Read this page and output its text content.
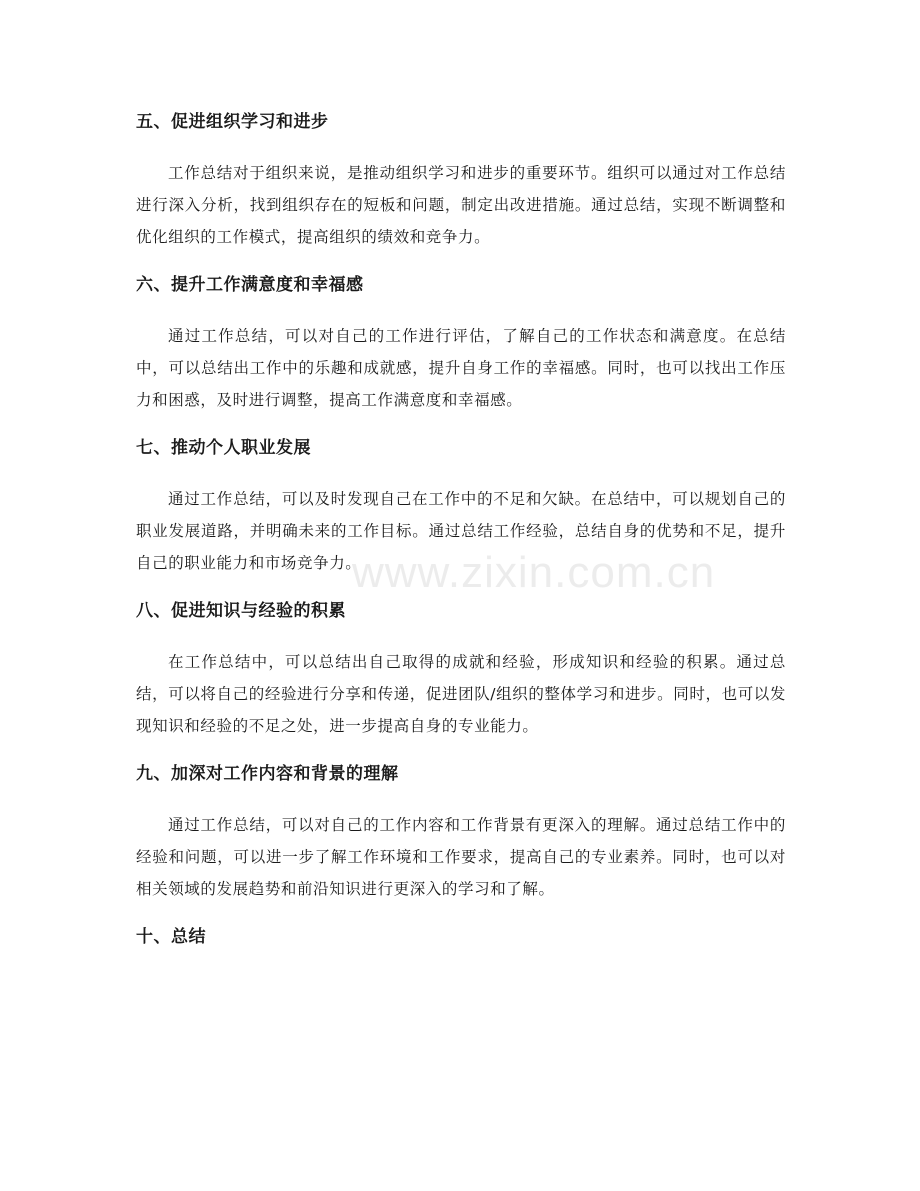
五、促进组织学习和进步

工作总结对于组织来说，是推动组织学习和进步的重要环节。组织可以通过对工作总结进行深入分析，找到组织存在的短板和问题，制定出改进措施。通过总结，实现不断调整和优化组织的工作模式，提高组织的绩效和竞争力。

六、提升工作满意度和幸福感

通过工作总结，可以对自己的工作进行评估，了解自己的工作状态和满意度。在总结中，可以总结出工作中的乐趣和成就感，提升自身工作的幸福感。同时，也可以找出工作压力和困惑，及时进行调整，提高工作满意度和幸福感。

七、推动个人职业发展

通过工作总结，可以及时发现自己在工作中的不足和欠缺。在总结中，可以规划自己的职业发展道路，并明确未来的工作目标。通过总结工作经验，总结自身的优势和不足，提升自己的职业能力和市场竞争力。

八、促进知识与经验的积累

在工作总结中，可以总结出自己取得的成就和经验，形成知识和经验的积累。通过总结，可以将自己的经验进行分享和传递，促进团队/组织的整体学习和进步。同时，也可以发现知识和经验的不足之处，进一步提高自身的专业能力。

九、加深对工作内容和背景的理解

通过工作总结，可以对自己的工作内容和工作背景有更深入的理解。通过总结工作中的经验和问题，可以进一步了解工作环境和工作要求，提高自己的专业素养。同时，也可以对相关领域的发展趋势和前沿知识进行更深入的学习和了解。

十、总结
www.zixin.com.cn
